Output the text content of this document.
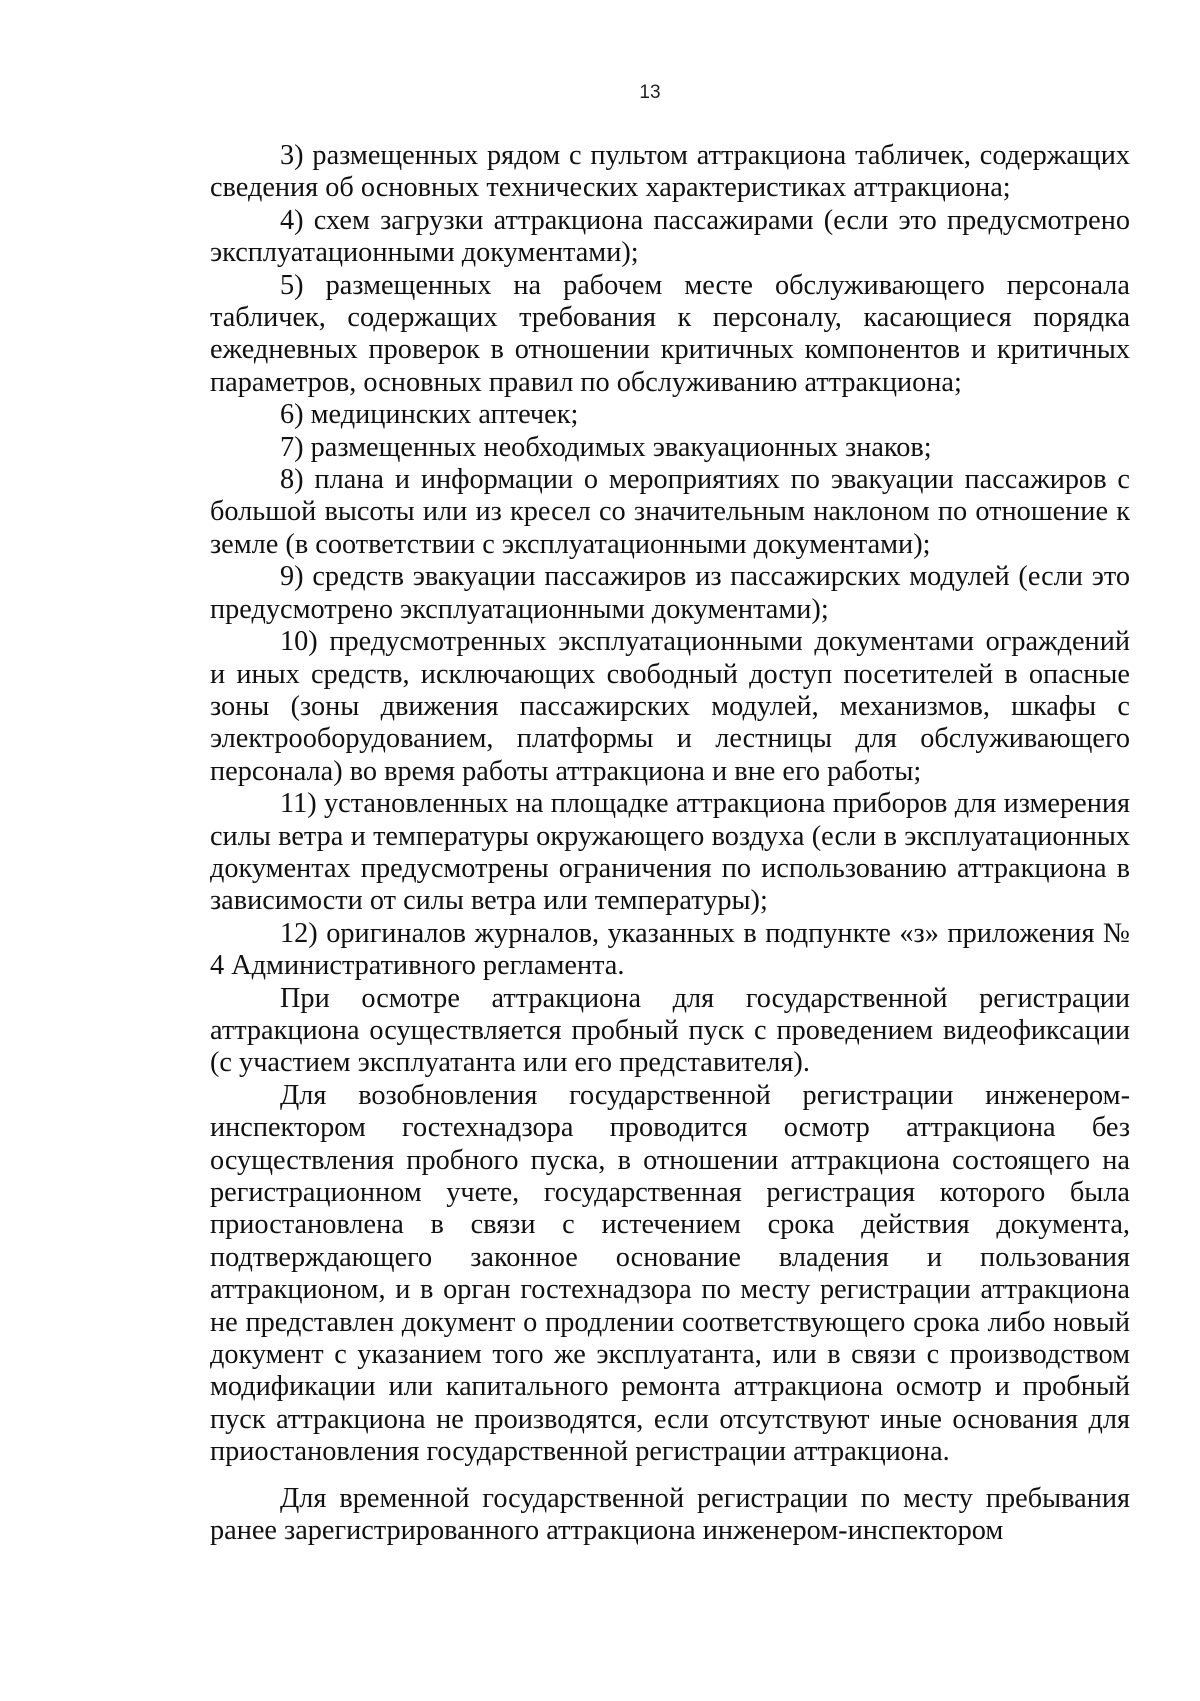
13

3) размещенных рядом с пультом аттракциона табличек, содержащих сведения об основных технических характеристиках аттракциона;

4) схем загрузки аттракциона пассажирами (если это предусмотрено эксплуатационными документами);

5) размещенных на рабочем месте обслуживающего персонала табличек, содержащих требования к персоналу, касающиеся порядка ежедневных проверок в отношении критичных компонентов и критичных параметров, основных правил по обслуживанию аттракциона;

6) медицинских аптечек;

7) размещенных необходимых эвакуационных знаков;

8) плана и информации о мероприятиях по эвакуации пассажиров с большой высоты или из кресел со значительным наклоном по отношение к земле (в соответствии с эксплуатационными документами);

9) средств эвакуации пассажиров из пассажирских модулей (если это предусмотрено эксплуатационными документами);

10) предусмотренных эксплуатационными документами ограждений и иных средств, исключающих свободный доступ посетителей в опасные зоны (зоны движения пассажирских модулей, механизмов, шкафы с электрооборудованием, платформы и лестницы для обслуживающего персонала) во время работы аттракциона и вне его работы;

11) установленных на площадке аттракциона приборов для измерения силы ветра и температуры окружающего воздуха (если в эксплуатационных документах предусмотрены ограничения по использованию аттракциона в зависимости от силы ветра или температуры);

12) оригиналов журналов, указанных в подпункте «з» приложения № 4 Административного регламента.

При осмотре аттракциона для государственной регистрации аттракциона осуществляется пробный пуск с проведением видеофиксации (с участием эксплуатанта или его представителя).

Для возобновления государственной регистрации инженером-инспектором гостехнадзора проводится осмотр аттракциона без осуществления пробного пуска, в отношении аттракциона состоящего на регистрационном учете, государственная регистрация которого была приостановлена в связи с истечением срока действия документа, подтверждающего законное основание владения и пользования аттракционом, и в орган гостехнадзора по месту регистрации аттракциона не представлен документ о продлении соответствующего срока либо новый документ с указанием того же эксплуатанта, или в связи с производством модификации или капитального ремонта аттракциона осмотр и пробный пуск аттракциона не производятся, если отсутствуют иные основания для приостановления государственной регистрации аттракциона.

Для временной государственной регистрации по месту пребывания ранее зарегистрированного аттракциона инженером-инспектором
